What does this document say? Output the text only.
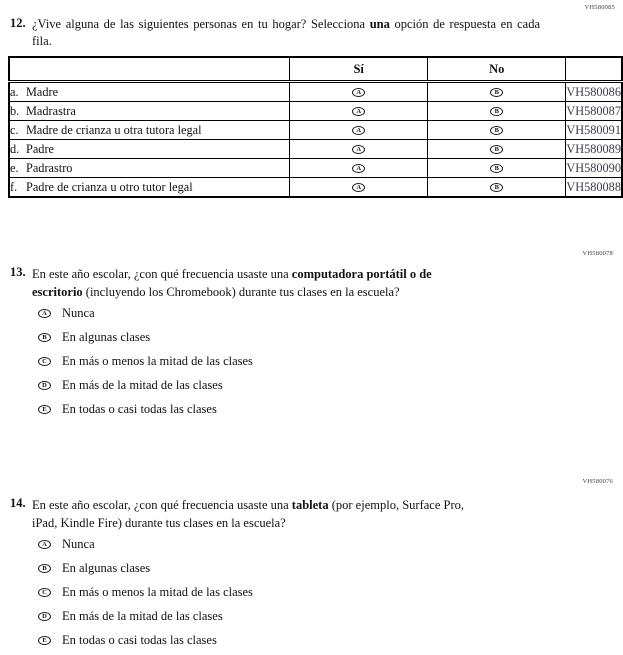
VH580085
12. ¿Vive alguna de las siguientes personas en tu hogar? Selecciona una opción de respuesta en cada fila.
	Sí	No	
a. Madre	A	B	VH580086
b. Madrastra	A	B	VH580087
c. Madre de crianza u otra tutora legal	A	B	VH580091
d. Padre	A	B	VH580089
e. Padrastro	A	B	VH580090
f. Padre de crianza u otro tutor legal	A	B	VH580088
VH580078
13. En este año escolar, ¿con qué frecuencia usaste una computadora portátil o de escritorio (incluyendo los Chromebook) durante tus clases en la escuela?
A	Nunca
B	En algunas clases
C	En más o menos la mitad de las clases
D	En más de la mitad de las clases
E	En todas o casi todas las clases
VH580076
14. En este año escolar, ¿con qué frecuencia usaste una tableta (por ejemplo, Surface Pro, iPad, Kindle Fire) durante tus clases en la escuela?
A	Nunca
B	En algunas clases
C	En más o menos la mitad de las clases
D	En más de la mitad de las clases
E	En todas o casi todas las clases
